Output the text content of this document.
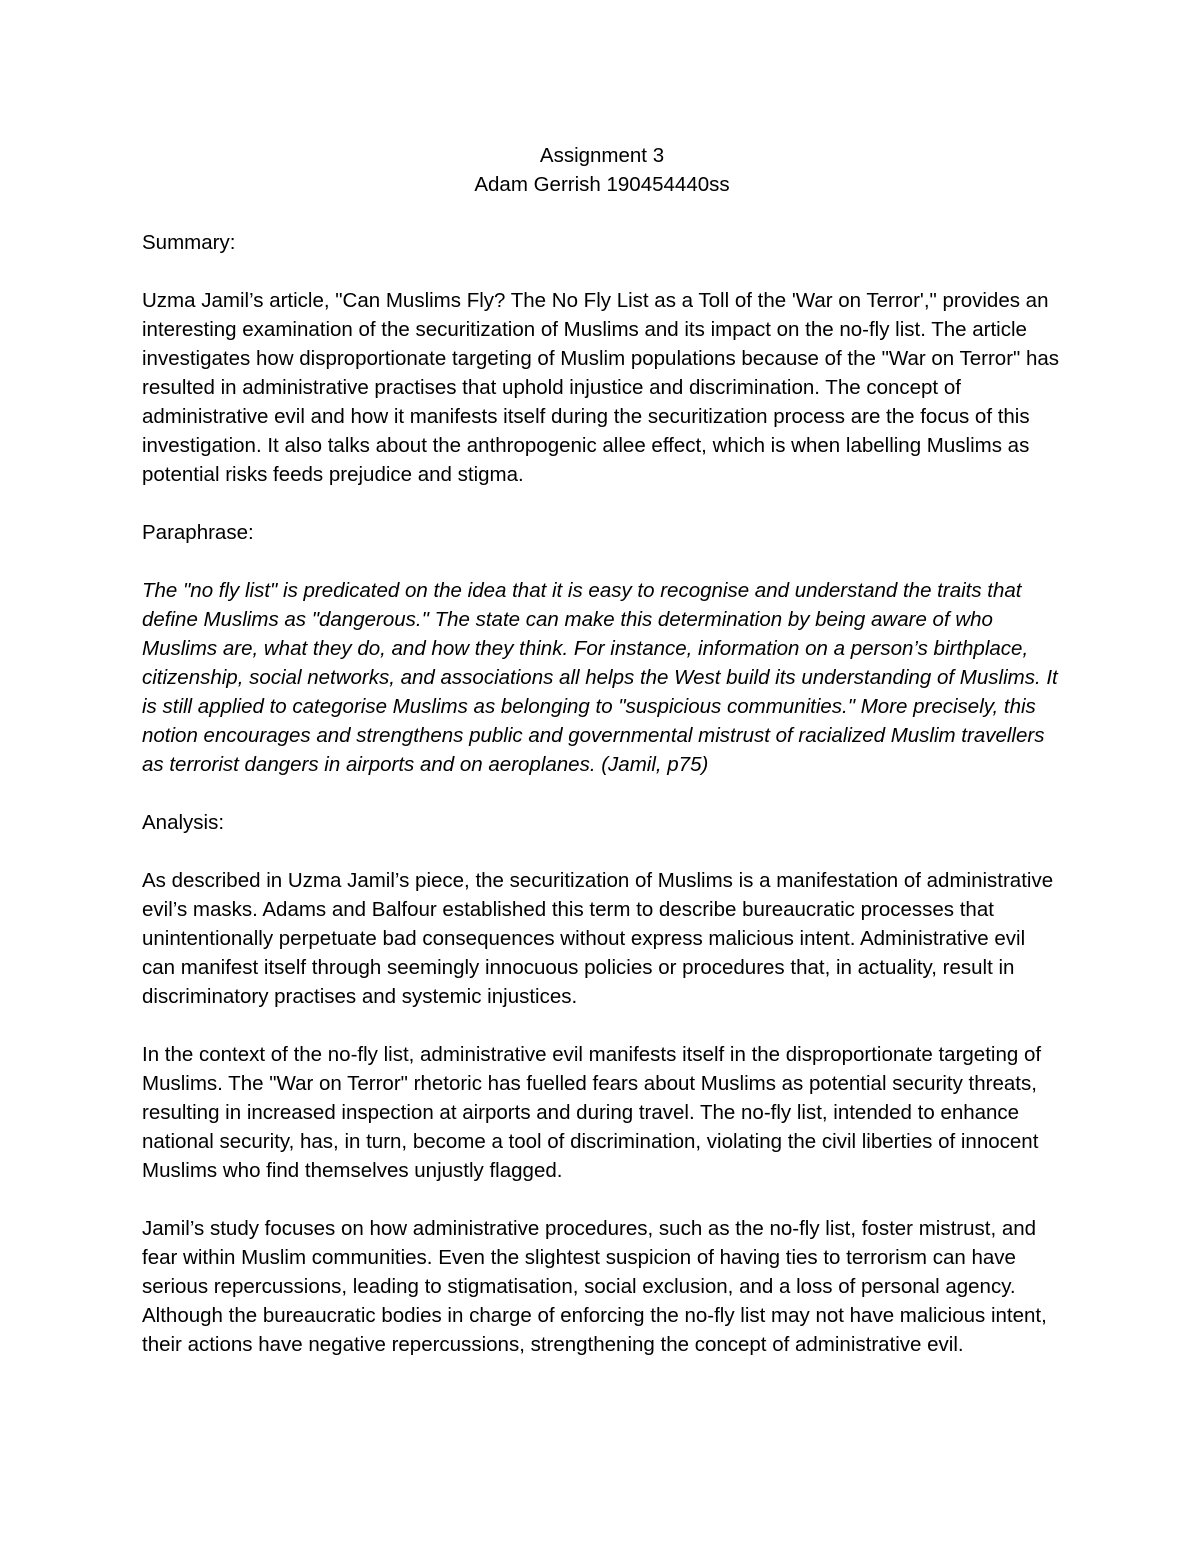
Assignment 3

Adam Gerrish 190454440ss

Summary:

Uzma Jamil’s article, "Can Muslims Fly? The No Fly List as a Toll of the 'War on Terror'," provides an interesting examination of the securitization of Muslims and its impact on the no-fly list. The article investigates how disproportionate targeting of Muslim populations because of the "War on Terror" has resulted in administrative practises that uphold injustice and discrimination. The concept of administrative evil and how it manifests itself during the securitization process are the focus of this investigation. It also talks about the anthropogenic allee effect, which is when labelling Muslims as potential risks feeds prejudice and stigma.

Paraphrase:

The "no fly list" is predicated on the idea that it is easy to recognise and understand the traits that define Muslims as "dangerous." The state can make this determination by being aware of who Muslims are, what they do, and how they think. For instance, information on a person’s birthplace, citizenship, social networks, and associations all helps the West build its understanding of Muslims. It is still applied to categorise Muslims as belonging to "suspicious communities." More precisely, this notion encourages and strengthens public and governmental mistrust of racialized Muslim travellers as terrorist dangers in airports and on aeroplanes. (Jamil, p75)

Analysis:

As described in Uzma Jamil’s piece, the securitization of Muslims is a manifestation of administrative evil’s masks. Adams and Balfour established this term to describe bureaucratic processes that unintentionally perpetuate bad consequences without express malicious intent. Administrative evil can manifest itself through seemingly innocuous policies or procedures that, in actuality, result in discriminatory practises and systemic injustices.

In the context of the no-fly list, administrative evil manifests itself in the disproportionate targeting of Muslims. The "War on Terror" rhetoric has fuelled fears about Muslims as potential security threats, resulting in increased inspection at airports and during travel. The no-fly list, intended to enhance national security, has, in turn, become a tool of discrimination, violating the civil liberties of innocent Muslims who find themselves unjustly flagged.

Jamil’s study focuses on how administrative procedures, such as the no-fly list, foster mistrust, and fear within Muslim communities. Even the slightest suspicion of having ties to terrorism can have serious repercussions, leading to stigmatisation, social exclusion, and a loss of personal agency. Although the bureaucratic bodies in charge of enforcing the no-fly list may not have malicious intent, their actions have negative repercussions, strengthening the concept of administrative evil.
